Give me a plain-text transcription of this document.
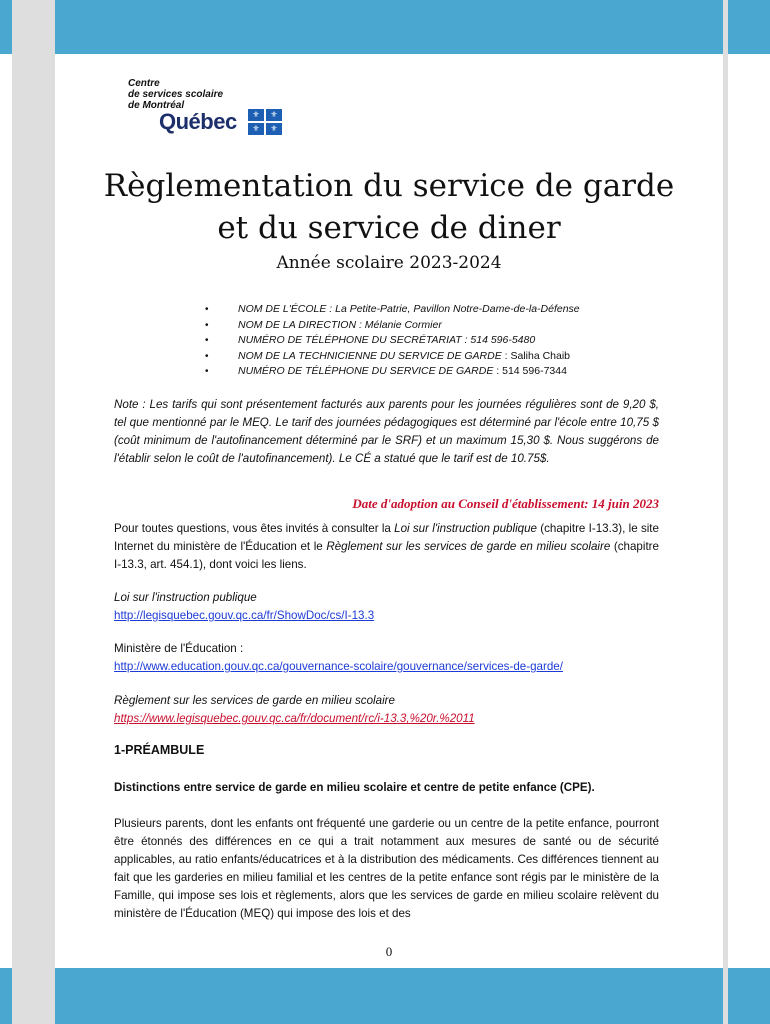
Centre
de services scolaire
de Montréal
Québec ⚜ ⚜
⚜ ⚜
Règlementation du service de garde
et du service de diner
Année scolaire 2023-2024
• NOM DE L'ÉCOLE : La Petite-Patrie, Pavillon Notre-Dame-de-la-Défense
• NOM DE LA DIRECTION : Mélanie Cormier
• NUMÉRO DE TÉLÉPHONE DU SECRÉTARIAT : 514 596-5480
• NOM DE LA TECHNICIENNE DU SERVICE DE GARDE : Saliha Chaib
• NUMÉRO DE TÉLÉPHONE DU SERVICE DE GARDE : 514 596-7344
Note : Les tarifs qui sont présentement facturés aux parents pour les journées régulières sont de 9,20 $, tel que mentionné par le MEQ. Le tarif des journées pédagogiques est déterminé par l'école entre 10,75 $ (coût minimum de l'autofinancement déterminé par le SRF) et un maximum 15,30 $. Nous suggérons de l'établir selon le coût de l'autofinancement). Le CÉ a statué que le tarif est de 10.75$.
Date d'adoption au Conseil d'établissement: 14 juin 2023
Pour toutes questions, vous êtes invités à consulter la Loi sur l'instruction publique (chapitre I-13.3), le site Internet du ministère de l'Éducation et le Règlement sur les services de garde en milieu scolaire (chapitre I-13.3, art. 454.1), dont voici les liens.
Loi sur l'instruction publique
http://legisquebec.gouv.qc.ca/fr/ShowDoc/cs/I-13.3
Ministère de l'Éducation :
http://www.education.gouv.qc.ca/gouvernance-scolaire/gouvernance/services-de-garde/
Règlement sur les services de garde en milieu scolaire
https://www.legisquebec.gouv.qc.ca/fr/document/rc/i-13.3,%20r.%2011
1-PRÉAMBULE
Distinctions entre service de garde en milieu scolaire et centre de petite enfance (CPE).
Plusieurs parents, dont les enfants ont fréquenté une garderie ou un centre de la petite enfance, pourront être étonnés des différences en ce qui a trait notamment aux mesures de santé ou de sécurité applicables, au ratio enfants/éducatrices et à la distribution des médicaments. Ces différences tiennent au fait que les garderies en milieu familial et les centres de la petite enfance sont régis par le ministère de la Famille, qui impose ses lois et règlements, alors que les services de garde en milieu scolaire relèvent du ministère de l'Éducation (MEQ) qui impose des lois et des
0
